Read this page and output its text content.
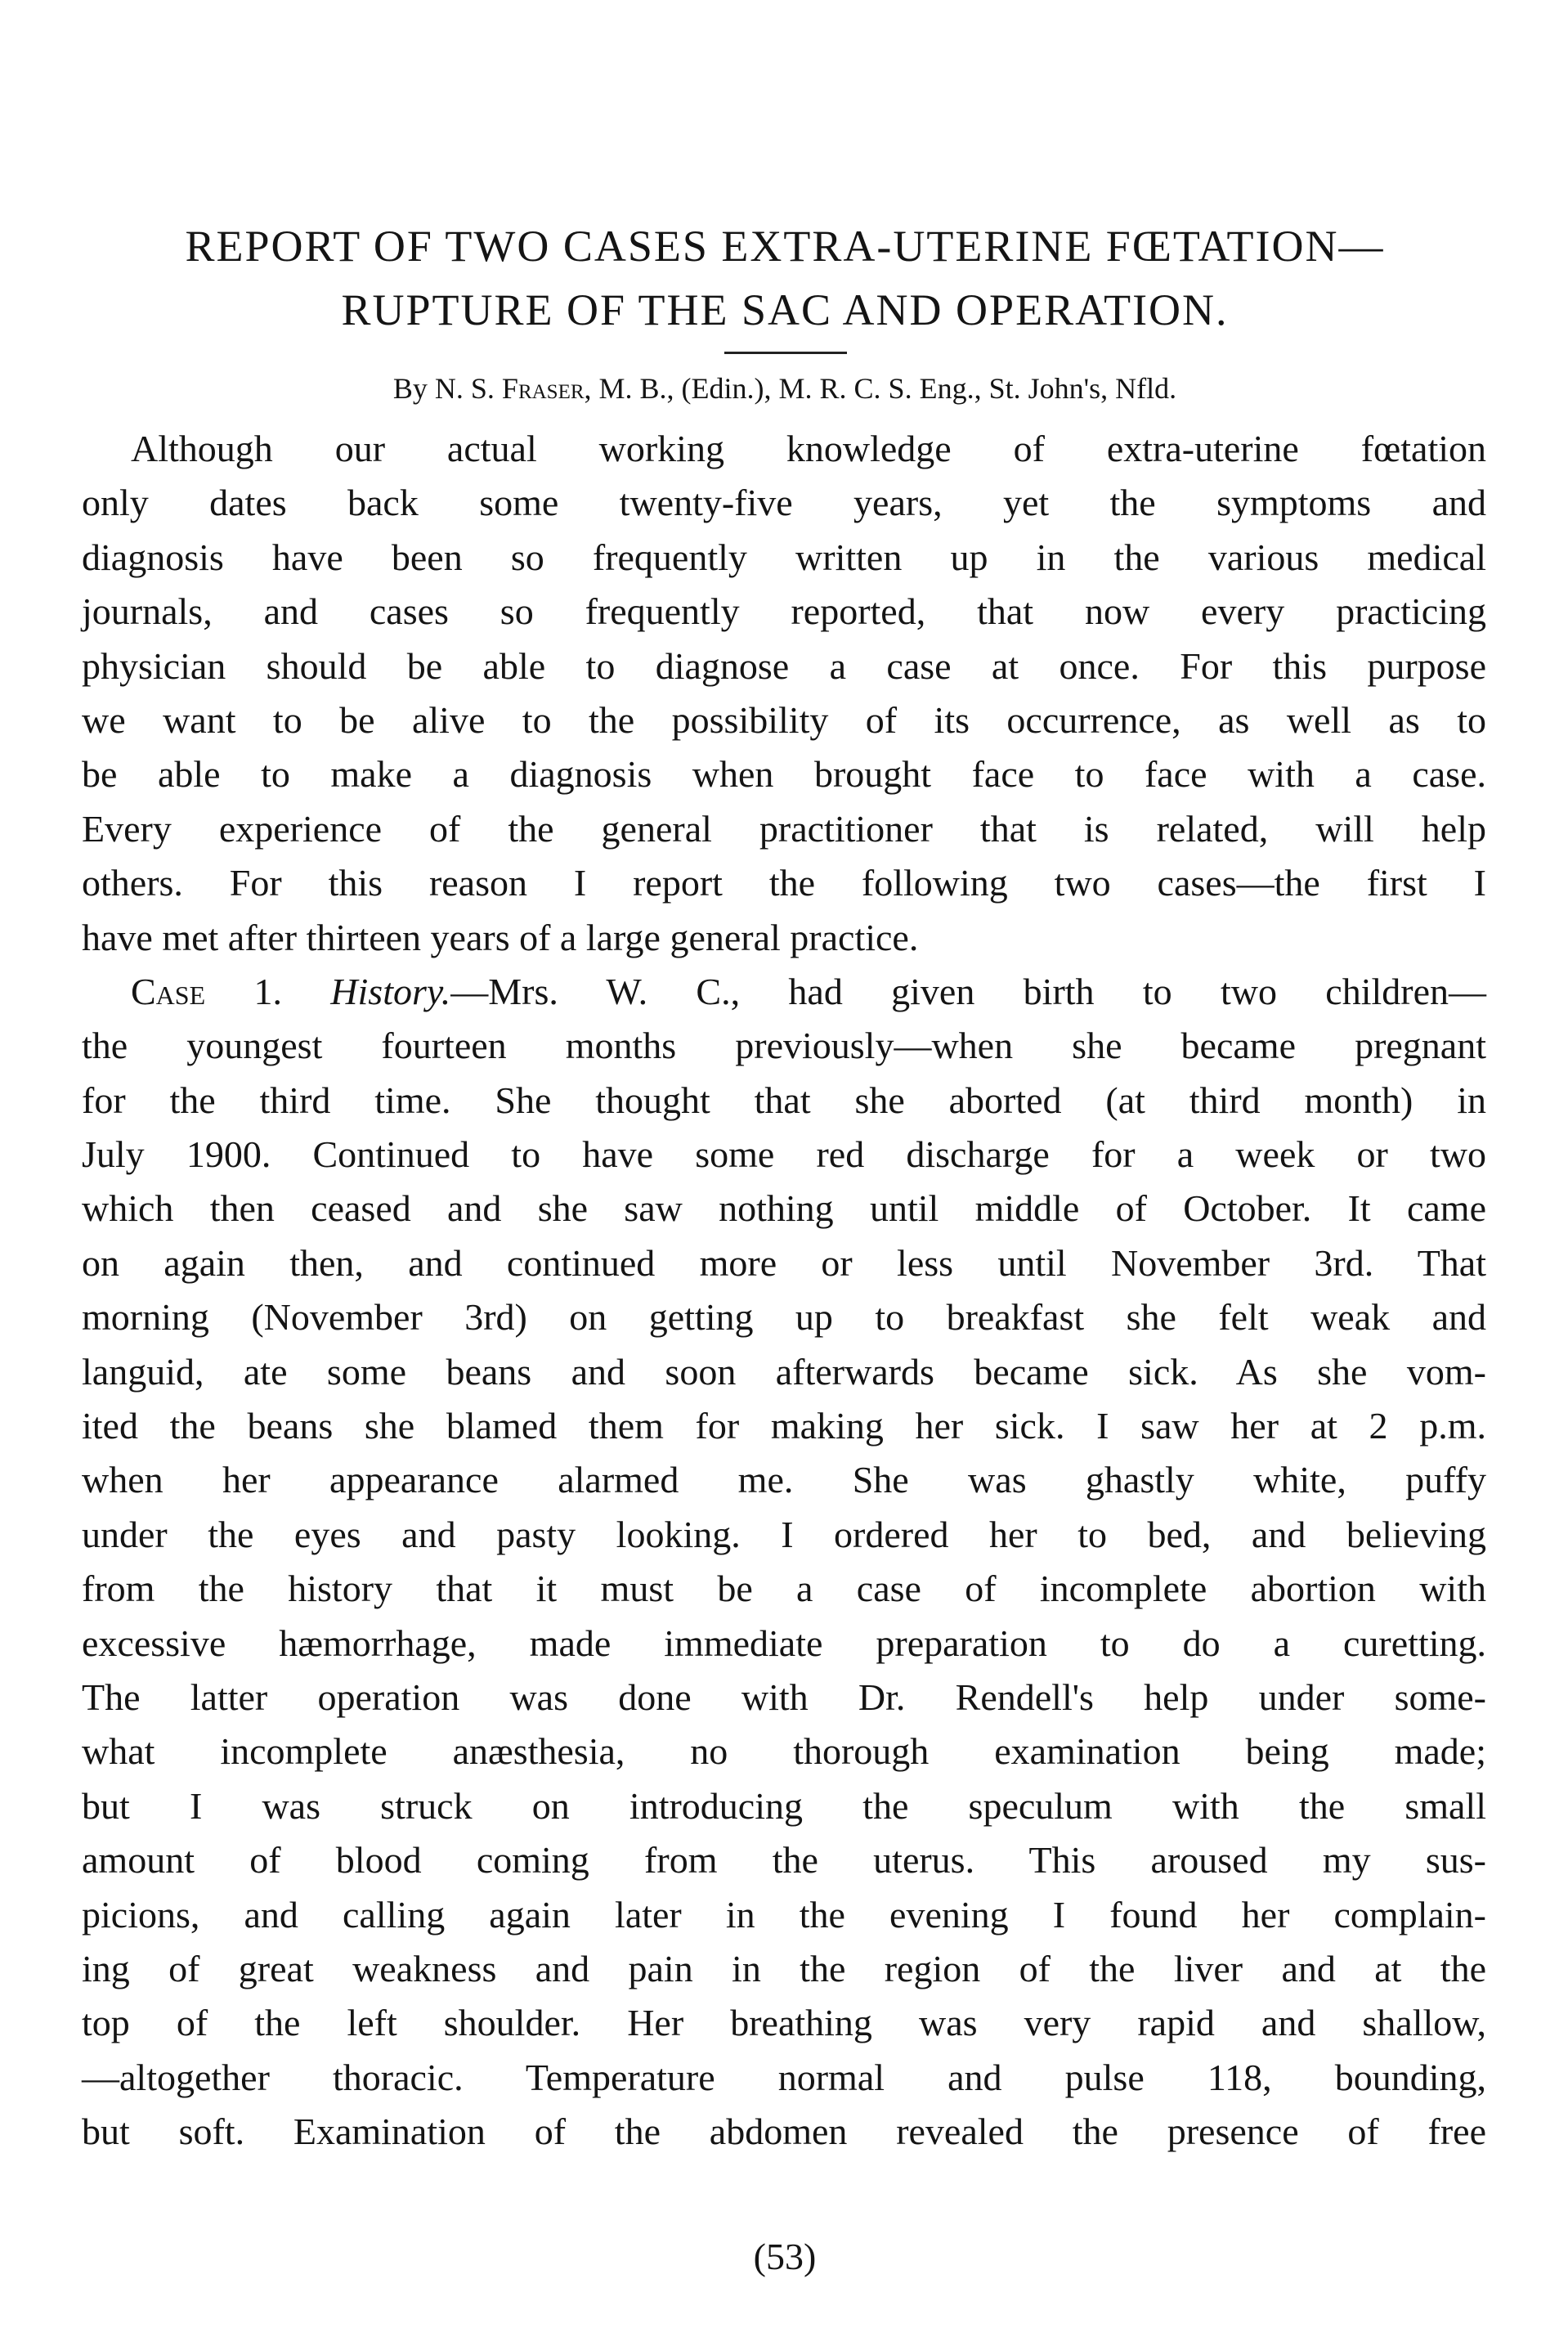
REPORT OF TWO CASES EXTRA-UTERINE FŒTATION—
RUPTURE OF THE SAC AND OPERATION.
By N. S. Fraser, M. B., (Edin.), M. R. C. S. Eng., St. John's, Nfld.
Although our actual working knowledge of extra-uterine fœtation
only dates back some twenty-five years, yet the symptoms and
diagnosis have been so frequently written up in the various medical
journals, and cases so frequently reported, that now every practicing
physician should be able to diagnose a case at once. For this purpose
we want to be alive to the possibility of its occurrence, as well as to
be able to make a diagnosis when brought face to face with a case.
Every experience of the general practitioner that is related, will help
others. For this reason I report the following two cases—the first I
have met after thirteen years of a large general practice.
Case 1. History.—Mrs. W. C., had given birth to two children—
the youngest fourteen months previously—when she became pregnant
for the third time. She thought that she aborted (at third month) in
July 1900. Continued to have some red discharge for a week or two
which then ceased and she saw nothing until middle of October. It came
on again then, and continued more or less until November 3rd. That
morning (November 3rd) on getting up to breakfast she felt weak and
languid, ate some beans and soon afterwards became sick. As she vom-
ited the beans she blamed them for making her sick. I saw her at 2 p.m.
when her appearance alarmed me. She was ghastly white, puffy
under the eyes and pasty looking. I ordered her to bed, and believing
from the history that it must be a case of incomplete abortion with
excessive hæmorrhage, made immediate preparation to do a curetting.
The latter operation was done with Dr. Rendell's help under some-
what incomplete anæsthesia, no thorough examination being made;
but I was struck on introducing the speculum with the small
amount of blood coming from the uterus. This aroused my sus-
picions, and calling again later in the evening I found her complain-
ing of great weakness and pain in the region of the liver and at the
top of the left shoulder. Her breathing was very rapid and shallow,
—altogether thoracic. Temperature normal and pulse 118, bounding,
but soft. Examination of the abdomen revealed the presence of free
(53)
